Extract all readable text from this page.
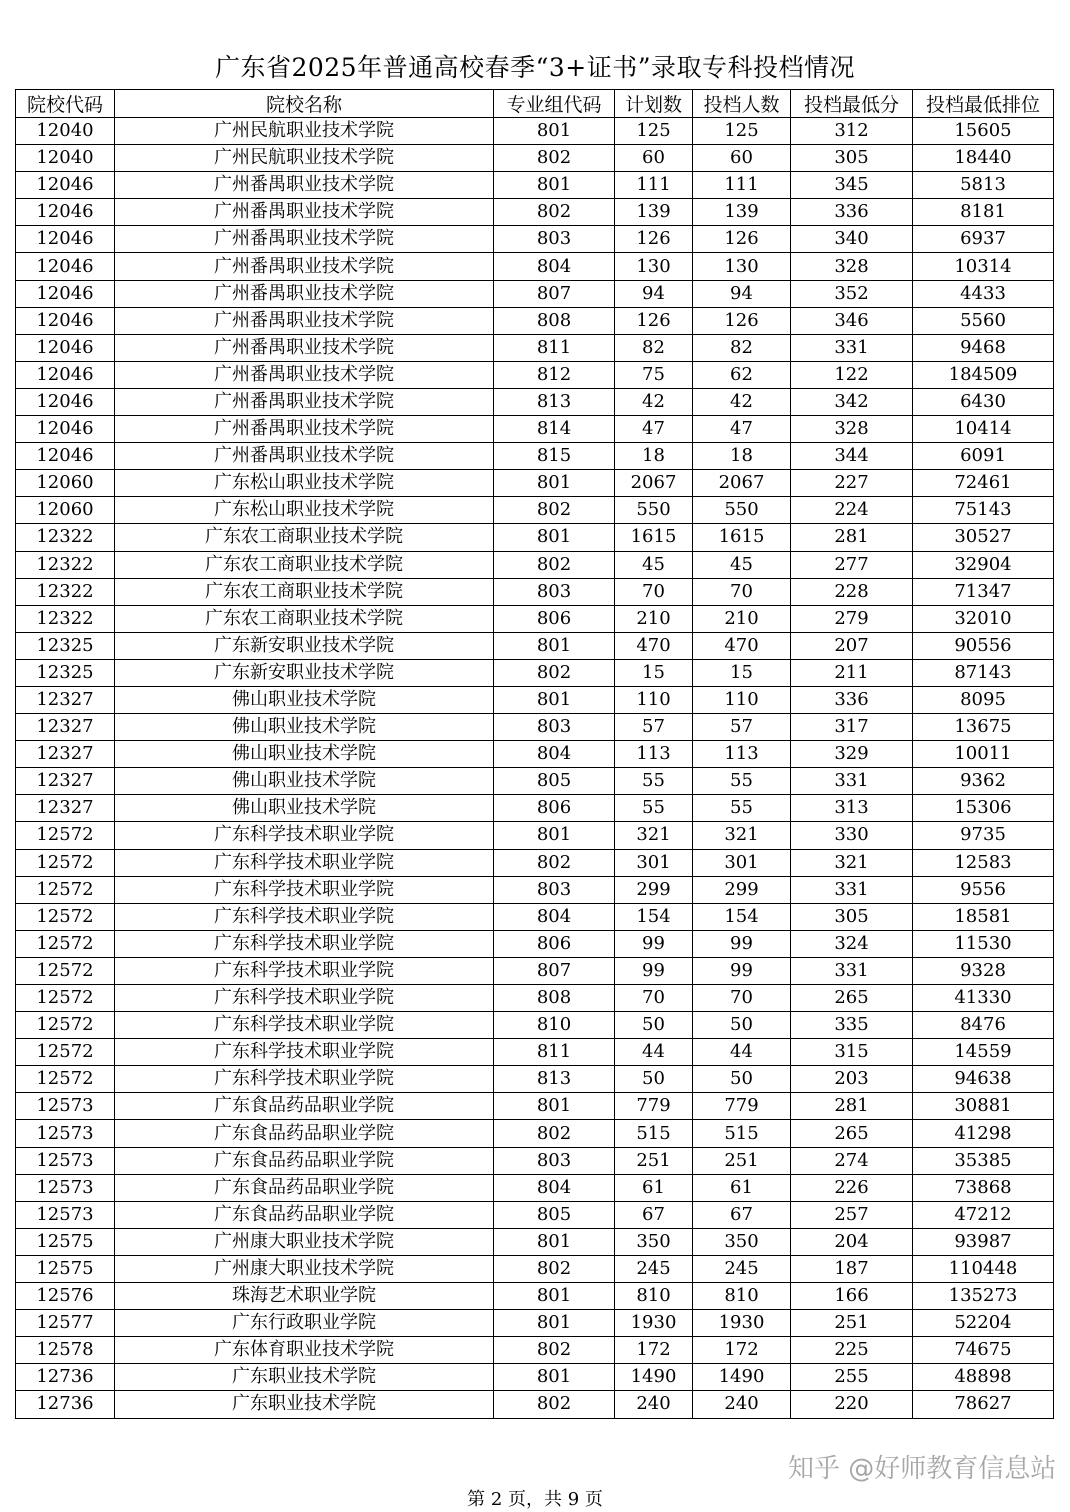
广东省2025年普通高校春季“3+证书”录取专科投档情况
院校代码	院校名称	专业组代码	计划数	投档人数	投档最低分	投档最低排位
12040	广州民航职业技术学院	801	125	125	312	15605
12040	广州民航职业技术学院	802	60	60	305	18440
12046	广州番禺职业技术学院	801	111	111	345	5813
12046	广州番禺职业技术学院	802	139	139	336	8181
12046	广州番禺职业技术学院	803	126	126	340	6937
12046	广州番禺职业技术学院	804	130	130	328	10314
12046	广州番禺职业技术学院	807	94	94	352	4433
12046	广州番禺职业技术学院	808	126	126	346	5560
12046	广州番禺职业技术学院	811	82	82	331	9468
12046	广州番禺职业技术学院	812	75	62	122	184509
12046	广州番禺职业技术学院	813	42	42	342	6430
12046	广州番禺职业技术学院	814	47	47	328	10414
12046	广州番禺职业技术学院	815	18	18	344	6091
12060	广东松山职业技术学院	801	2067	2067	227	72461
12060	广东松山职业技术学院	802	550	550	224	75143
12322	广东农工商职业技术学院	801	1615	1615	281	30527
12322	广东农工商职业技术学院	802	45	45	277	32904
12322	广东农工商职业技术学院	803	70	70	228	71347
12322	广东农工商职业技术学院	806	210	210	279	32010
12325	广东新安职业技术学院	801	470	470	207	90556
12325	广东新安职业技术学院	802	15	15	211	87143
12327	佛山职业技术学院	801	110	110	336	8095
12327	佛山职业技术学院	803	57	57	317	13675
12327	佛山职业技术学院	804	113	113	329	10011
12327	佛山职业技术学院	805	55	55	331	9362
12327	佛山职业技术学院	806	55	55	313	15306
12572	广东科学技术职业学院	801	321	321	330	9735
12572	广东科学技术职业学院	802	301	301	321	12583
12572	广东科学技术职业学院	803	299	299	331	9556
12572	广东科学技术职业学院	804	154	154	305	18581
12572	广东科学技术职业学院	806	99	99	324	11530
12572	广东科学技术职业学院	807	99	99	331	9328
12572	广东科学技术职业学院	808	70	70	265	41330
12572	广东科学技术职业学院	810	50	50	335	8476
12572	广东科学技术职业学院	811	44	44	315	14559
12572	广东科学技术职业学院	813	50	50	203	94638
12573	广东食品药品职业学院	801	779	779	281	30881
12573	广东食品药品职业学院	802	515	515	265	41298
12573	广东食品药品职业学院	803	251	251	274	35385
12573	广东食品药品职业学院	804	61	61	226	73868
12573	广东食品药品职业学院	805	67	67	257	47212
12575	广州康大职业技术学院	801	350	350	204	93987
12575	广州康大职业技术学院	802	245	245	187	110448
12576	珠海艺术职业学院	801	810	810	166	135273
12577	广东行政职业学院	801	1930	1930	251	52204
12578	广东体育职业技术学院	802	172	172	225	74675
12736	广东职业技术学院	801	1490	1490	255	48898
12736	广东职业技术学院	802	240	240	220	78627
知乎 @好师教育信息站
第 2 页，共 9 页
